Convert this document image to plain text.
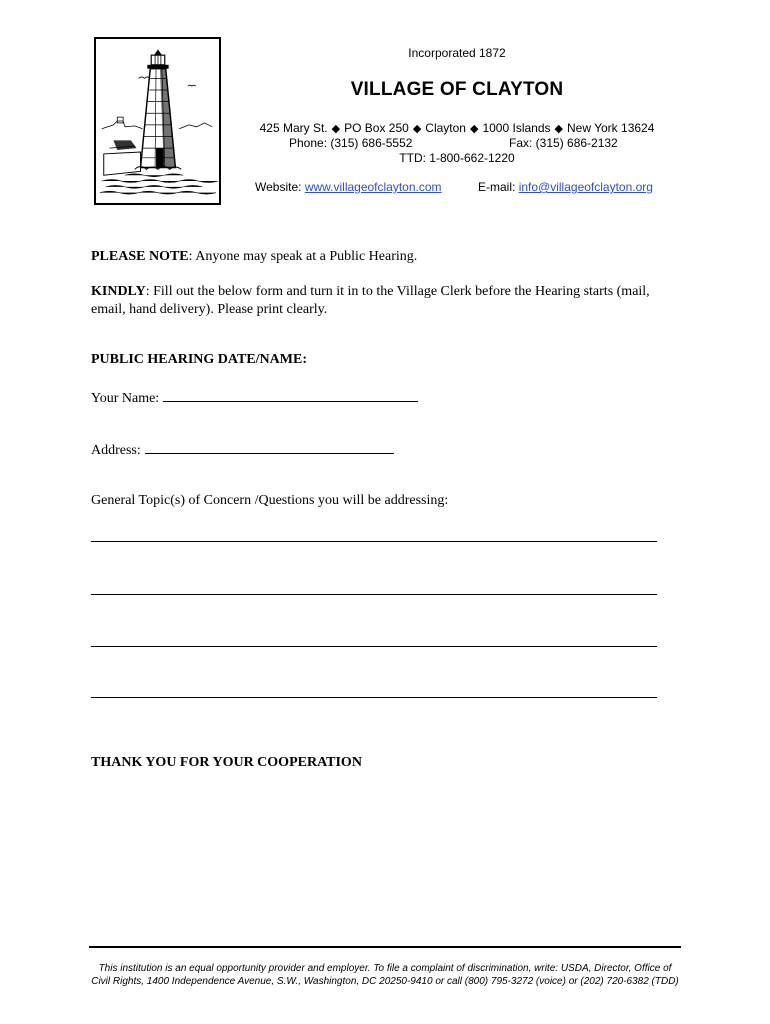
Incorporated 1872
VILLAGE OF CLAYTON
425 Mary St. ◆ PO Box 250 ◆ Clayton ◆ 1000 Islands ◆ New York 13624
Phone: (315) 686-5552	Fax: (315) 686-2132
TTD: 1-800-662-1220
Website: www.villageofclayton.com	E-mail: info@villageofclayton.org
PLEASE NOTE: Anyone may speak at a Public Hearing.
KINDLY: Fill out the below form and turn it in to the Village Clerk before the Hearing starts (mail, email, hand delivery). Please print clearly.
PUBLIC HEARING DATE/NAME:
Your Name:
Address:
General Topic(s) of Concern /Questions you will be addressing:
THANK YOU FOR YOUR COOPERATION
This institution is an equal opportunity provider and employer. To file a complaint of discrimination, write: USDA, Director, Office of
Civil Rights, 1400 Independence Avenue, S.W., Washington, DC 20250-9410 or call (800) 795-3272 (voice) or (202) 720-6382 (TDD)
